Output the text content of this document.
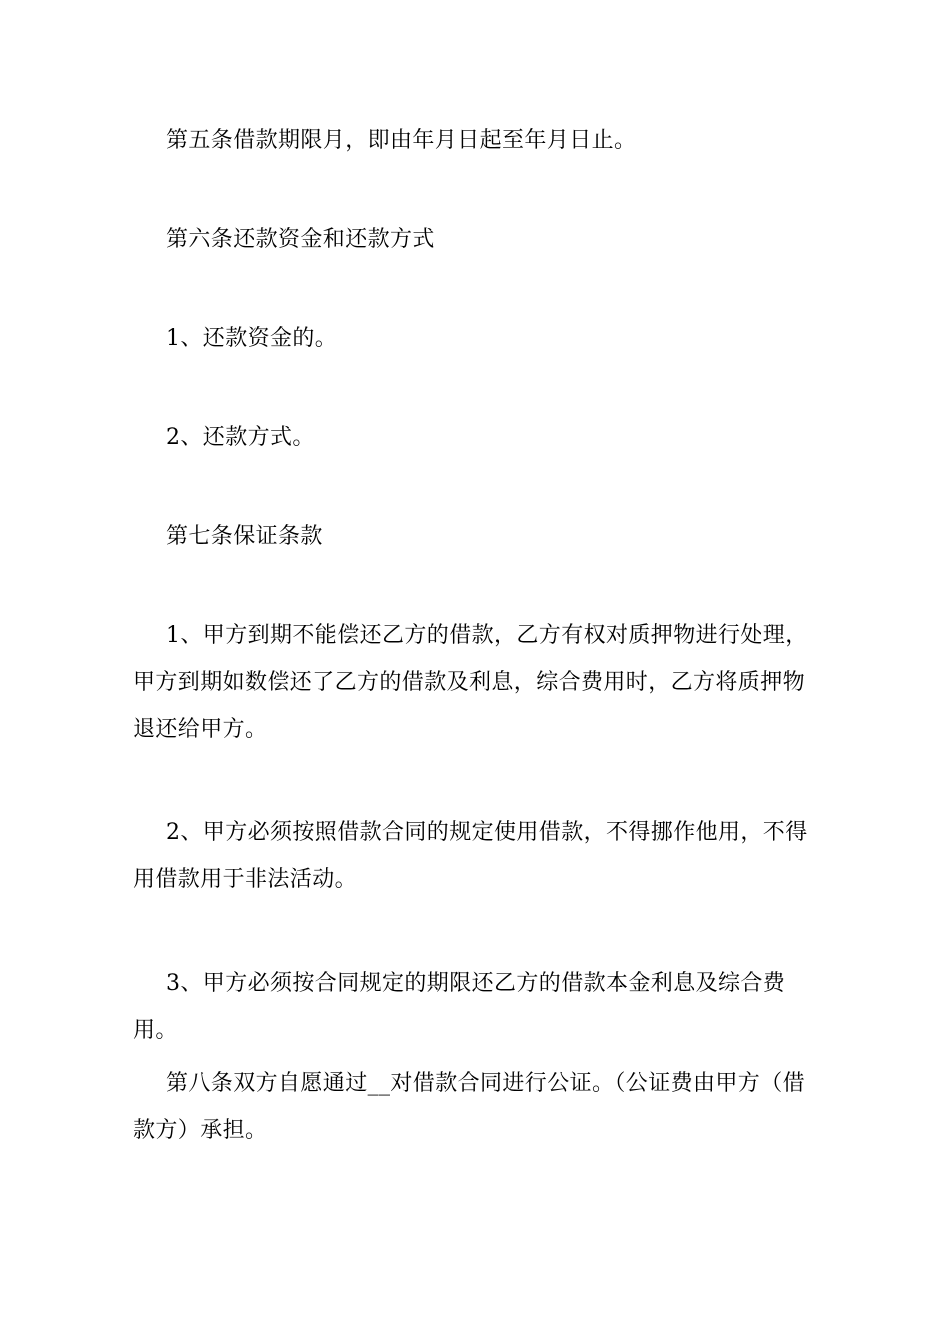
第五条借款期限月，即由年月日起至年月日止。

第六条还款资金和还款方式

1、还款资金的。

2、还款方式。

第七条保证条款

1、甲方到期不能偿还乙方的借款，乙方有权对质押物进行处理，甲方到期如数偿还了乙方的借款及利息，综合费用时，乙方将质押物退还给甲方。

2、甲方必须按照借款合同的规定使用借款，不得挪作他用，不得用借款用于非法活动。

3、甲方必须按合同规定的期限还乙方的借款本金利息及综合费用。

第八条双方自愿通过__对借款合同进行公证。（公证费由甲方（借款方）承担。
